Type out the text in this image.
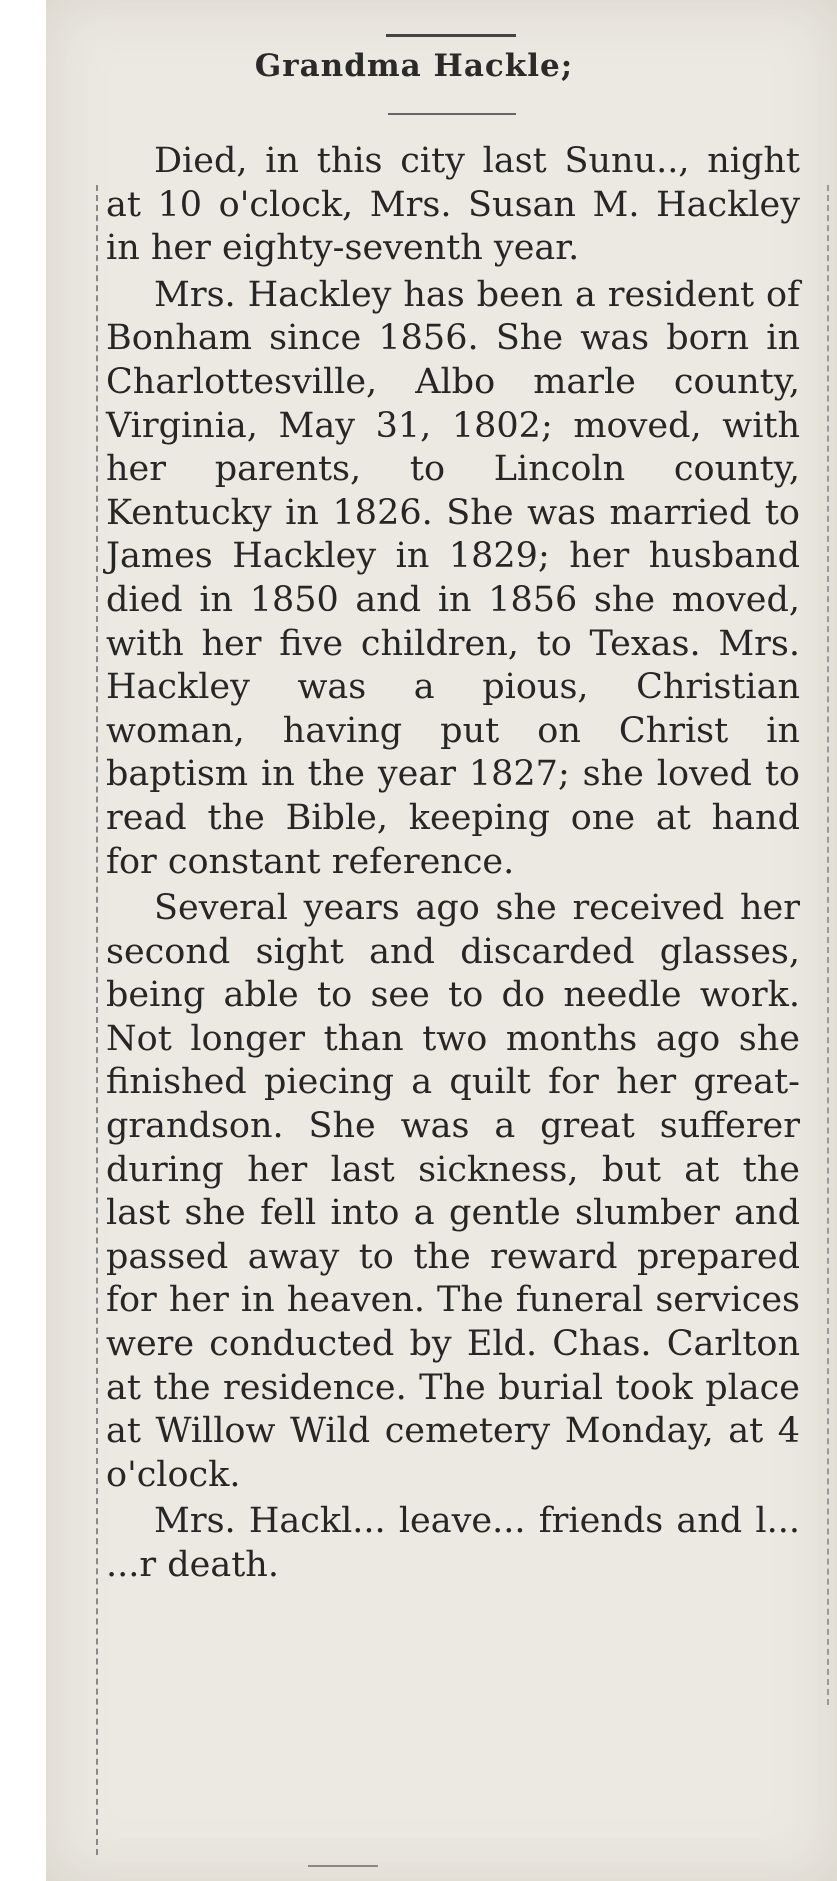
Grandma Hackle;

Died, in this city last Sunu.., night at 10 o'clock, Mrs. Susan M. Hackley in her eighty-seventh year.

Mrs. Hackley has been a resident of Bonham since 1856. She was born in Charlottesville, Albo marle county, Virginia, May 31, 1802; moved, with her parents, to Lincoln county, Kentucky in 1826. She was married to James Hackley in 1829; her husband died in 1850 and in 1856 she moved, with her five children, to Texas. Mrs. Hackley was a pious, Christian woman, having put on Christ in baptism in the year 1827; she loved to read the Bible, keeping one at hand for constant reference.

Several years ago she received her second sight and discarded glasses, being able to see to do needle work. Not longer than two months ago she finished piecing a quilt for her great-grandson. She was a great sufferer during her last sickness, but at the last she fell into a gentle slumber and passed away to the reward prepared for her in heaven. The funeral services were conducted by Eld. Chas. Carlton at the residence. The burial took place at Willow Wild cemetery Monday, at 4 o'clock.

Mrs. Hackl... leave... friends and l... ...r death.
